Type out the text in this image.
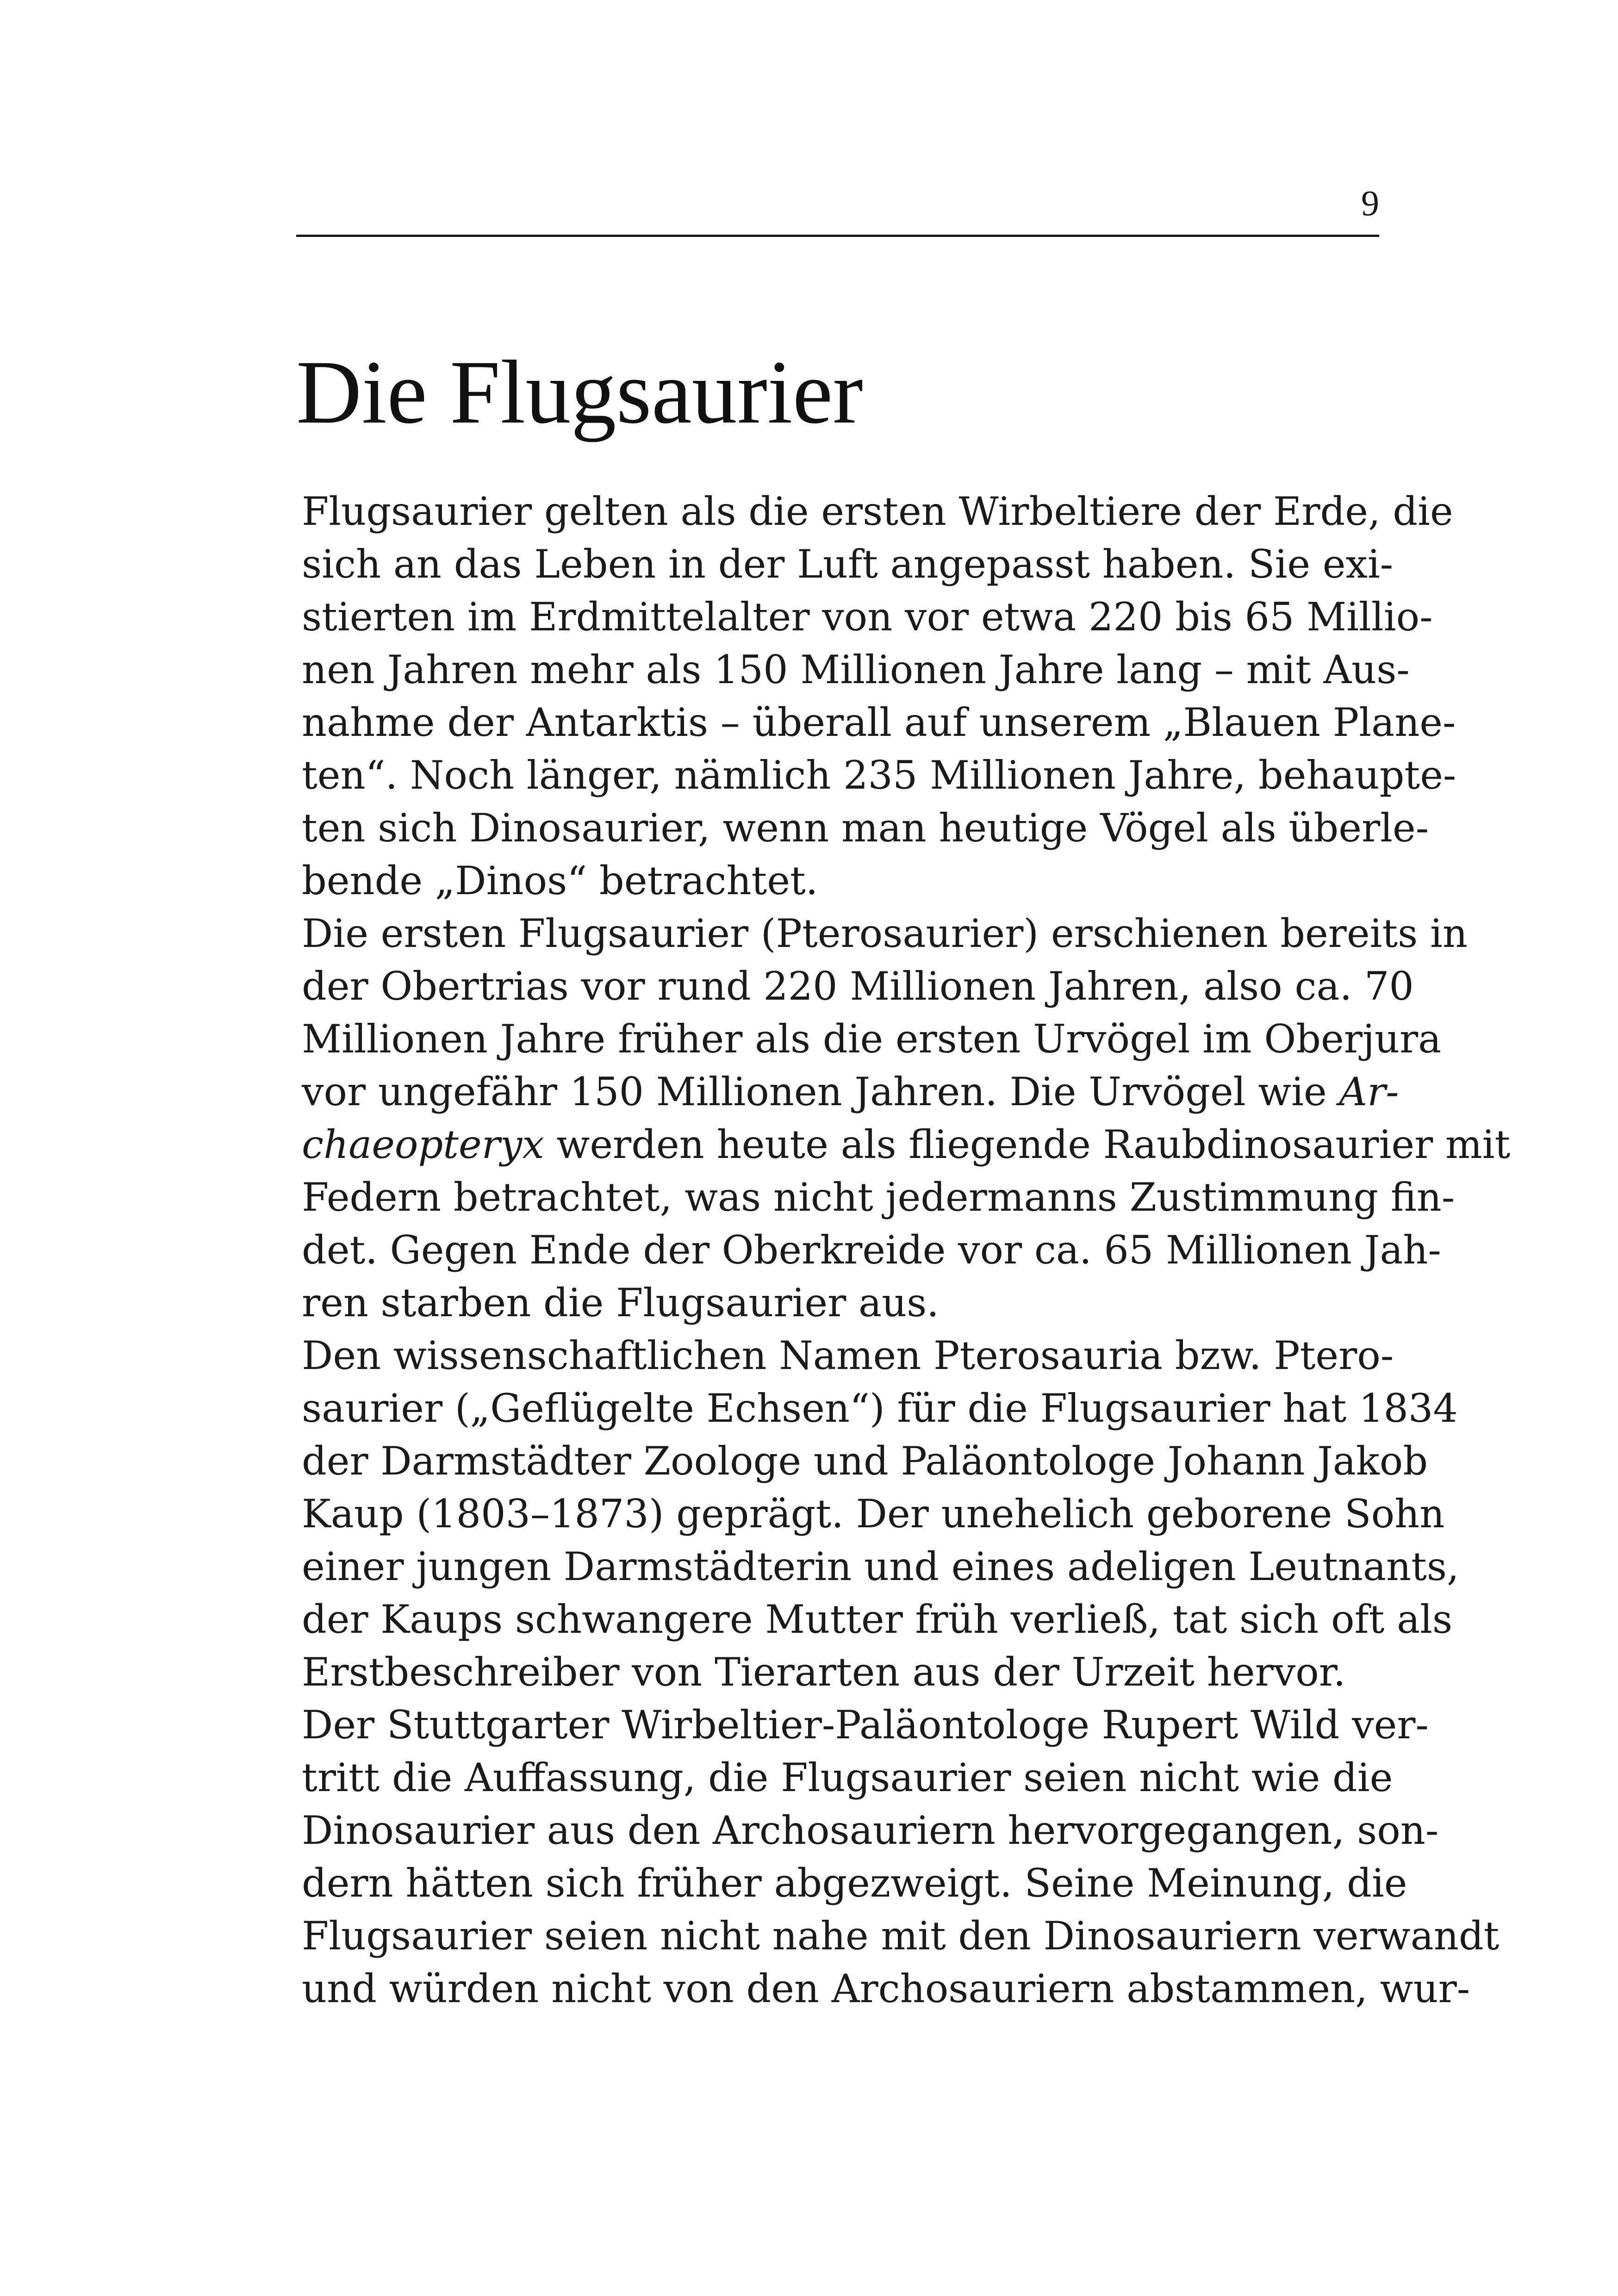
9
Die Flugsaurier
Flugsaurier gelten als die ersten Wirbeltiere der Erde, die
sich an das Leben in der Luft angepasst haben. Sie exi-
stierten im Erdmittelalter von vor etwa 220 bis 65 Millio-
nen Jahren mehr als 150 Millionen Jahre lang – mit Aus-
nahme der Antarktis – überall auf unserem „Blauen Plane-
ten“. Noch länger, nämlich 235 Millionen Jahre, behaupte-
ten sich Dinosaurier, wenn man heutige Vögel als überle-
bende „Dinos“ betrachtet.
Die ersten Flugsaurier (Pterosaurier) erschienen bereits in
der Obertrias vor rund 220 Millionen Jahren, also ca. 70
Millionen Jahre früher als die ersten Urvögel im Oberjura
vor ungefähr 150 Millionen Jahren. Die Urvögel wie Ar-
chaeopteryx werden heute als fliegende Raubdinosaurier mit
Federn betrachtet, was nicht jedermanns Zustimmung fin-
det. Gegen Ende der Oberkreide vor ca. 65 Millionen Jah-
ren starben die Flugsaurier aus.
Den wissenschaftlichen Namen Pterosauria bzw. Ptero-
saurier („Geflügelte Echsen“) für die Flugsaurier hat 1834
der Darmstädter Zoologe und Paläontologe Johann Jakob
Kaup (1803–1873) geprägt. Der unehelich geborene Sohn
einer jungen Darmstädterin und eines adeligen Leutnants,
der Kaups schwangere Mutter früh verließ, tat sich oft als
Erstbeschreiber von Tierarten aus der Urzeit hervor.
Der Stuttgarter Wirbeltier-Paläontologe Rupert Wild ver-
tritt die Auffassung, die Flugsaurier seien nicht wie die
Dinosaurier aus den Archosauriern hervorgegangen, son-
dern hätten sich früher abgezweigt. Seine Meinung, die
Flugsaurier seien nicht nahe mit den Dinosauriern verwandt
und würden nicht von den Archosauriern abstammen, wur-
